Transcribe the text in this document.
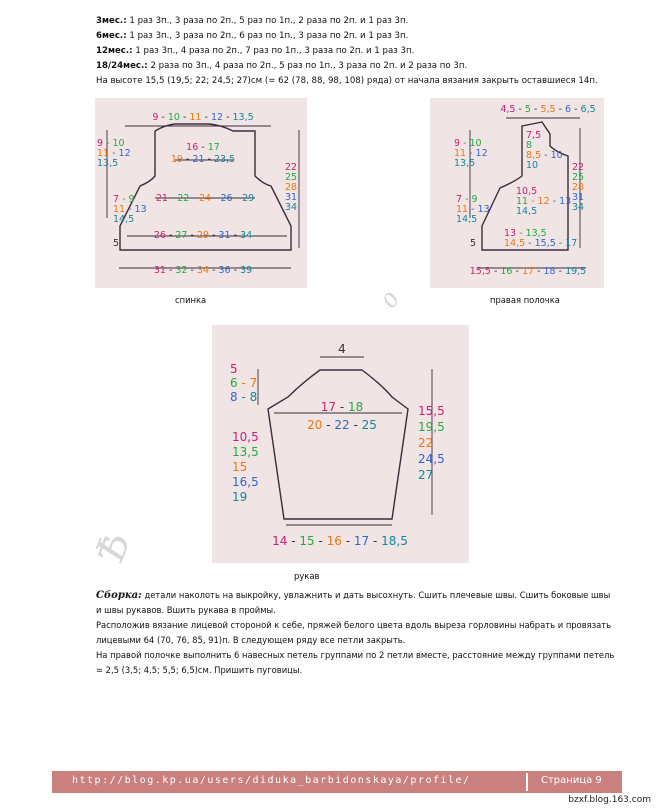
3мес.: 1 раз 3п., 3 раза по 2п., 5 раз по 1п., 2 раза по 2п. и 1 раз 3п.
6мес.: 1 раз 3п., 3 раза по 2п., 6 раз по 1п., 3 раза по 2п. и 1 раз 3п.
12мес.: 1 раз 3п., 4 раза по 2п., 7 раз по 1п., 3 раза по 2п. и 1 раз 3п.
18/24мес.: 2 раза по 3п., 4 раза по 2п., 5 раз по 1п., 3 раза по 2п. и 2 раза по 3п.
На высоте 15,5 (19,5; 22; 24,5; 27)см (= 62 (78, 88, 98, 108) ряда) от начала вязания закрыть оставшиеся 14п.
9 - 10 - 11 - 12 - 13,5
16 - 17
19 - 21 - 23,5
21 - 22 - 24 - 26 - 29
26 - 27 - 29 - 31 - 34
31 - 32 - 34 - 36 - 39
9 - 10 11 - 12 13,5
7 - 9 11 - 13 14,5
5
22 25 28 31 34
спинка
4,5 - 5 - 5,5 - 6 - 6,5
7,5 8 8,5 - 10 10
10,5 11 - 12 - 13 14,5
13 - 13,5 14,5 - 15,5 - 17
15,5 - 16 - 17 - 18 - 19,5
9 - 10 11 - 12 13,5
7 - 9 11 - 13 14,5
5
22 25 28 31 34
правая полочка
4
5 6 - 7 8 - 8
17 - 18
20 - 22 - 25
10,5 13,5 15 16,5 19
15,5 19,5 22 24,5 27
14 - 15 - 16 - 17 - 18,5
рукав
Ѣ
ℴ

Сборка: детали наколоть на выкройку, увлажнить и дать высохнуть. Сшить плечевые швы. Сшить боковые швы и швы рукавов. Вшить рукава в проймы.

Расположив вязание лицевой стороной к себе, пряжей белого цвета вдоль выреза горловины набрать и провязать лицевыми 64 (70, 76, 85, 91)п. В следующем ряду все петли закрыть.

На правой полочке выполнить 6 навесных петель группами по 2 петли вместе, расстояние между группами петель = 2,5 (3,5; 4,5; 5,5; 6,5)см. Пришить пуговицы.

http://blog.kp.ua/users/diduka_barbidonskaya/profile/	Страница 9
bzxf.blog.163.com
